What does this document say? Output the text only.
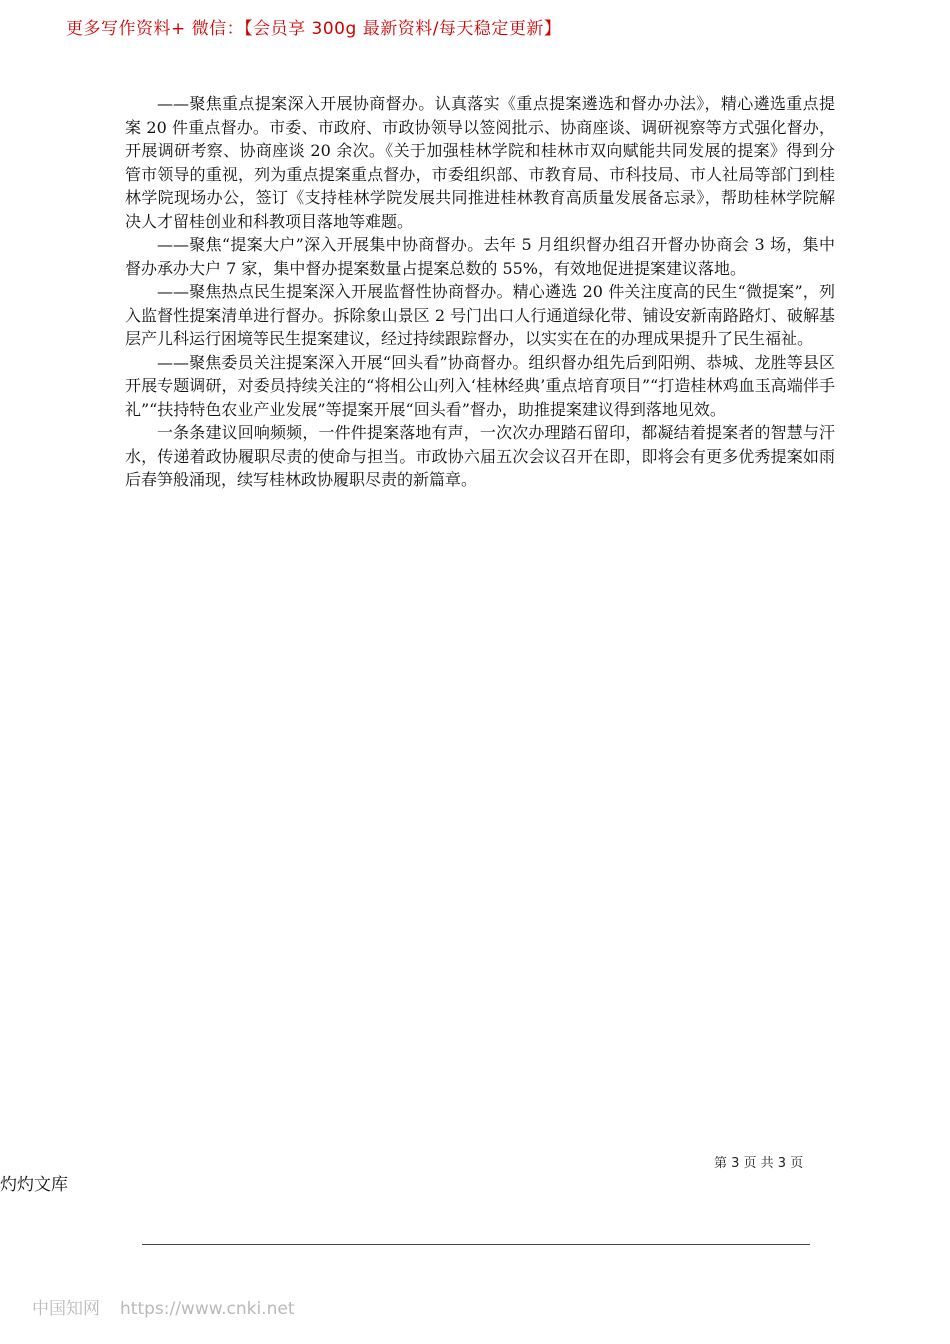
更多写作资料+ 微信：【会员享 300g 最新资料/每天稳定更新】

——聚焦重点提案深入开展协商督办。认真落实《重点提案遴选和督办办法》，精心遴选重点提案 20 件重点督办。市委、市政府、市政协领导以签阅批示、协商座谈、调研视察等方式强化督办，开展调研考察、协商座谈 20 余次。《关于加强桂林学院和桂林市双向赋能共同发展的提案》得到分管市领导的重视，列为重点提案重点督办，市委组织部、市教育局、市科技局、市人社局等部门到桂林学院现场办公，签订《支持桂林学院发展共同推进桂林教育高质量发展备忘录》，帮助桂林学院解决人才留桂创业和科教项目落地等难题。

——聚焦“提案大户”深入开展集中协商督办。去年 5 月组织督办组召开督办协商会 3 场，集中督办承办大户 7 家，集中督办提案数量占提案总数的 55%，有效地促进提案建议落地。

——聚焦热点民生提案深入开展监督性协商督办。精心遴选 20 件关注度高的民生“微提案”，列入监督性提案清单进行督办。拆除象山景区 2 号门出口人行通道绿化带、铺设安新南路路灯、破解基层产儿科运行困境等民生提案建议，经过持续跟踪督办，以实实在在的办理成果提升了民生福祉。

——聚焦委员关注提案深入开展“回头看”协商督办。组织督办组先后到阳朔、恭城、龙胜等县区开展专题调研，对委员持续关注的“将相公山列入‘桂林经典’重点培育项目”“打造桂林鸡血玉高端伴手礼”“扶持特色农业产业发展”等提案开展“回头看”督办，助推提案建议得到落地见效。

一条条建议回响频频，一件件提案落地有声，一次次办理踏石留印，都凝结着提案者的智慧与汗水，传递着政协履职尽责的使命与担当。市政协六届五次会议召开在即，即将会有更多优秀提案如雨后春笋般涌现，续写桂林政协履职尽责的新篇章。

第 3 页 共 3 页
灼灼文库
中国知网 https://www.cnki.net
